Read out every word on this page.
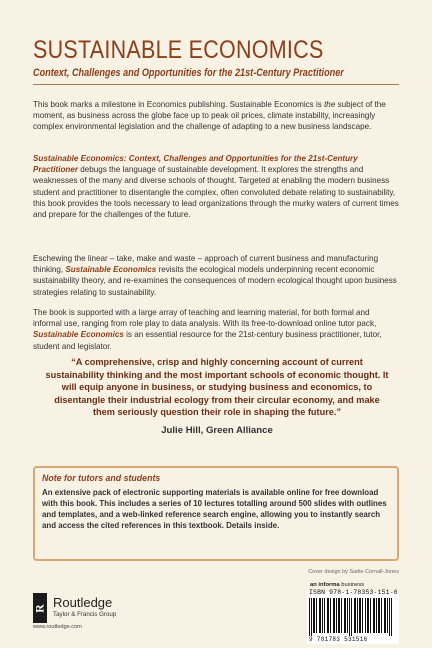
SUSTAINABLE ECONOMICS
Context, Challenges and Opportunities for the 21st-Century Practitioner
This book marks a milestone in Economics publishing. Sustainable Economics is the subject of the moment, as business across the globe face up to peak oil prices, climate instability, increasingly complex environmental legislation and the challenge of adapting to a new business landscape.
Sustainable Economics: Context, Challenges and Opportunities for the 21st-Century Practitioner debugs the language of sustainable development. It explores the strengths and weaknesses of the many and diverse schools of thought. Targeted at enabling the modern business student and practitioner to disentangle the complex, often convoluted debate relating to sustainability, this book provides the tools necessary to lead organizations through the murky waters of current times and prepare for the challenges of the future.
Eschewing the linear – take, make and waste – approach of current business and manufacturing thinking, Sustainable Economics revisits the ecological models underpinning recent economic sustainability theory, and re-examines the consequences of modern ecological thought upon business strategies relating to sustainability.
The book is supported with a large array of teaching and learning material, for both formal and informal use, ranging from role play to data analysis. With its free-to-download online tutor pack, Sustainable Economics is an essential resource for the 21st-century business practitioner, tutor, student and legislator.
“A comprehensive, crisp and highly concerning account of current sustainability thinking and the most important schools of economic thought. It will equip anyone in business, or studying business and economics, to disentangle their industrial ecology from their circular economy, and make them seriously question their role in shaping the future.”
Julie Hill, Green Alliance
Note for tutors and students
An extensive pack of electronic supporting materials is available online for free download with this book. This includes a series of 10 lectures totalling around 500 slides with outlines and templates, and a web-linked reference search engine, allowing you to instantly search and access the cited references in this textbook. Details inside.
Cover design by Sadie Cornall-Jones
an informa business
R Routledge
Taylor & Francis Group
www.routledge.com
ISBN 978-1-78353-151-6
9 781783 531516
